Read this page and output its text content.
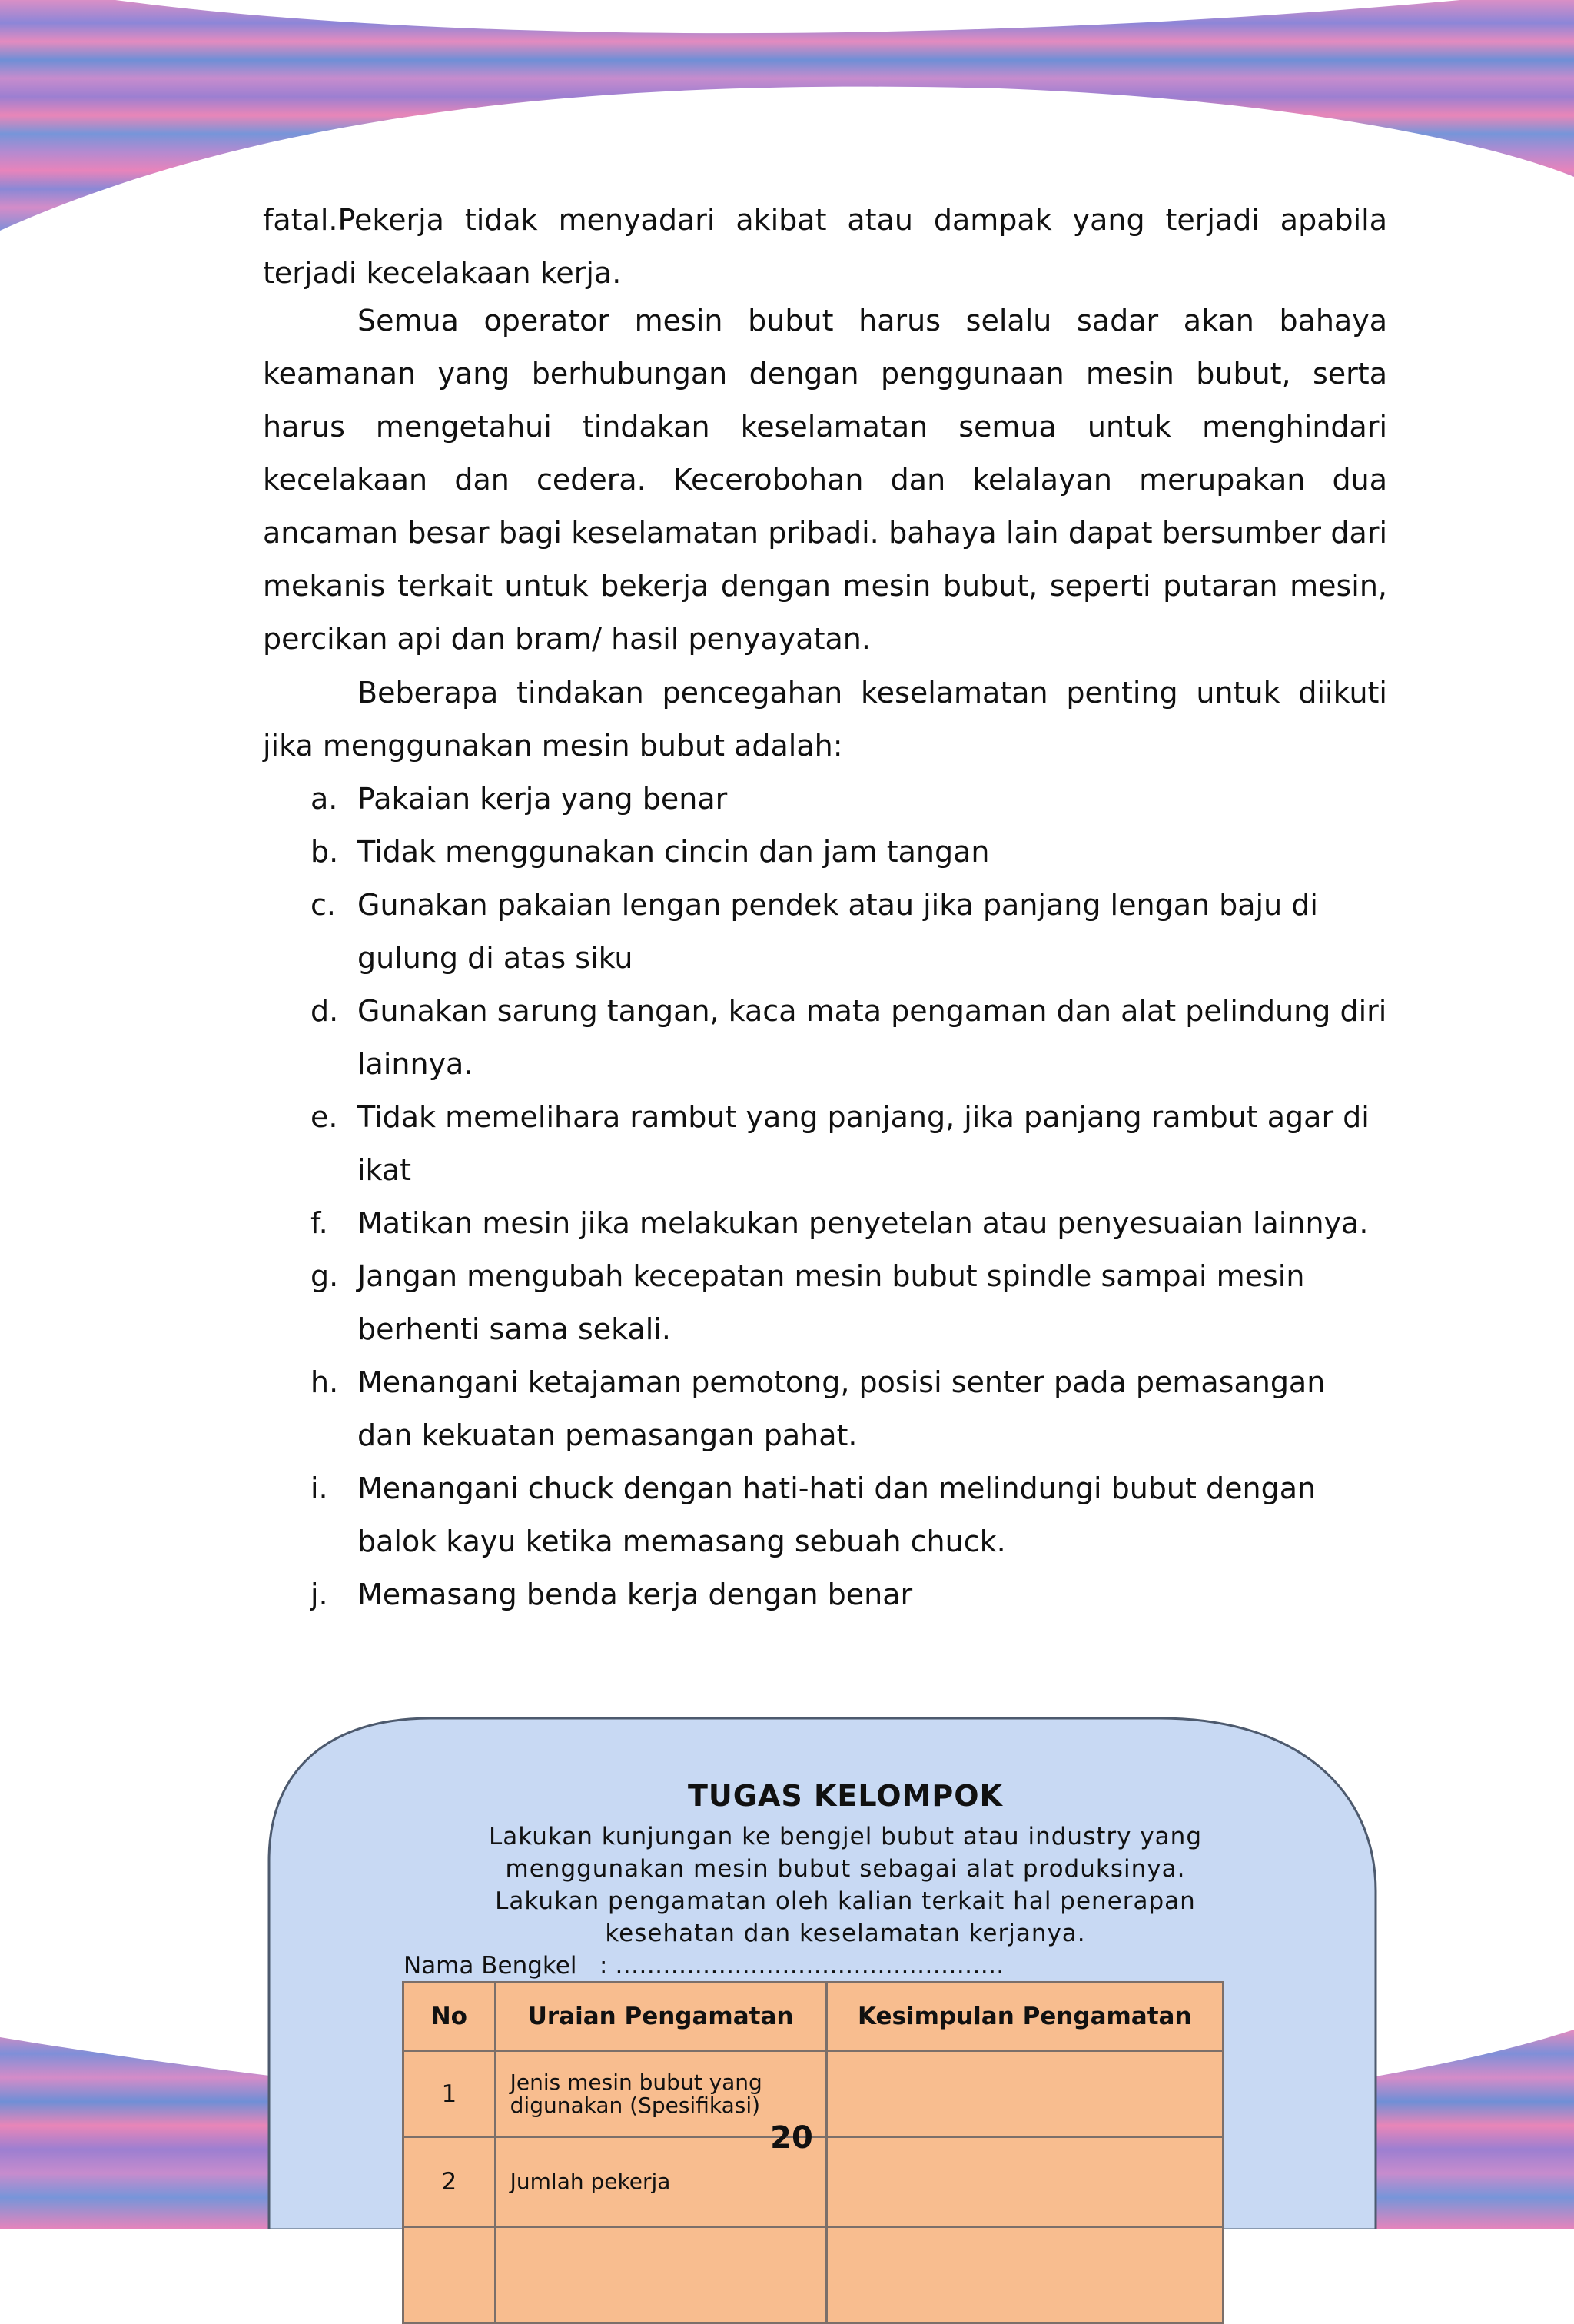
fatal.Pekerja tidak menyadari akibat atau dampak yang terjadi apabila terjadi kecelakaan kerja.

Semua operator mesin bubut harus selalu sadar akan bahaya keamanan yang berhubungan dengan penggunaan mesin bubut, serta harus mengetahui tindakan keselamatan semua untuk menghindari kecelakaan dan cedera. Kecerobohan dan kelalayan merupakan dua ancaman besar bagi keselamatan pribadi. bahaya lain dapat bersumber dari mekanis terkait untuk bekerja dengan mesin bubut, seperti putaran mesin, percikan api dan bram/ hasil penyayatan.

Beberapa tindakan pencegahan keselamatan penting untuk diikuti jika menggunakan mesin bubut adalah:

a. Pakaian kerja yang benar
b. Tidak menggunakan cincin dan jam tangan
c. Gunakan pakaian lengan pendek atau jika panjang lengan baju di gulung di atas siku
d. Gunakan sarung tangan, kaca mata pengaman dan alat pelindung diri lainnya.
e. Tidak memelihara rambut yang panjang, jika panjang rambut agar di ikat
f. Matikan mesin jika melakukan penyetelan atau penyesuaian lainnya.
g. Jangan mengubah kecepatan mesin bubut spindle sampai mesin berhenti sama sekali.
h. Menangani ketajaman pemotong, posisi senter pada pemasangan dan kekuatan pemasangan pahat.
i. Menangani chuck dengan hati-hati dan melindungi bubut dengan balok kayu ketika memasang sebuah chuck.
j. Memasang benda kerja dengan benar
TUGAS KELOMPOK

Lakukan kunjungan ke bengjel bubut atau industry yang
menggunakan mesin bubut sebagai alat produksinya.
Lakukan pengamatan oleh kalian terkait hal penerapan
kesehatan dan keselamatan kerjanya.

Nama Bengkel : ………………………………………….
No	Uraian Pengamatan	Kesimpulan Pengamatan
1	Jenis mesin bubut yang digunakan (Spesifikasi)	
2	Jumlah pekerja	

20
